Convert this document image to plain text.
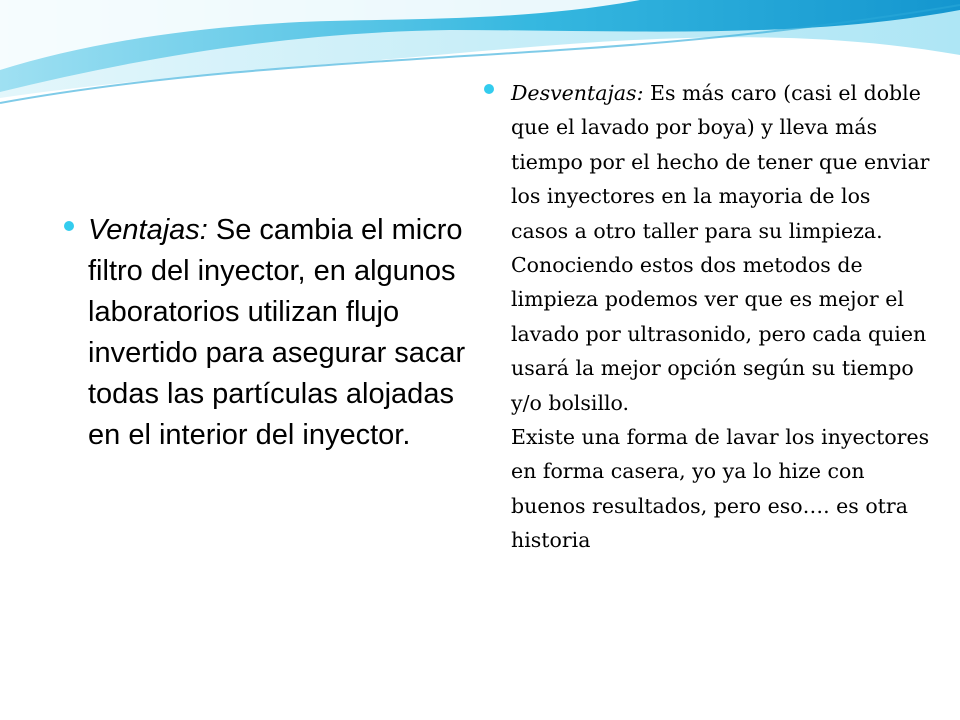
Ventajas: Se cambia el micro filtro del inyector, en algunos laboratorios utilizan flujo invertido para asegurar sacar todas las partículas alojadas en el interior del inyector.
Desventajas: Es más caro (casi el doble que el lavado por boya) y lleva más tiempo por el hecho de tener que enviar los inyectores en la mayoria de los casos a otro taller para su limpieza.
Conociendo estos dos metodos de limpieza podemos ver que es mejor el lavado por ultrasonido, pero cada quien usará la mejor opción según su tiempo y/o bolsillo.
Existe una forma de lavar los inyectores en forma casera, yo ya lo hize con buenos resultados, pero eso…. es otra historia
